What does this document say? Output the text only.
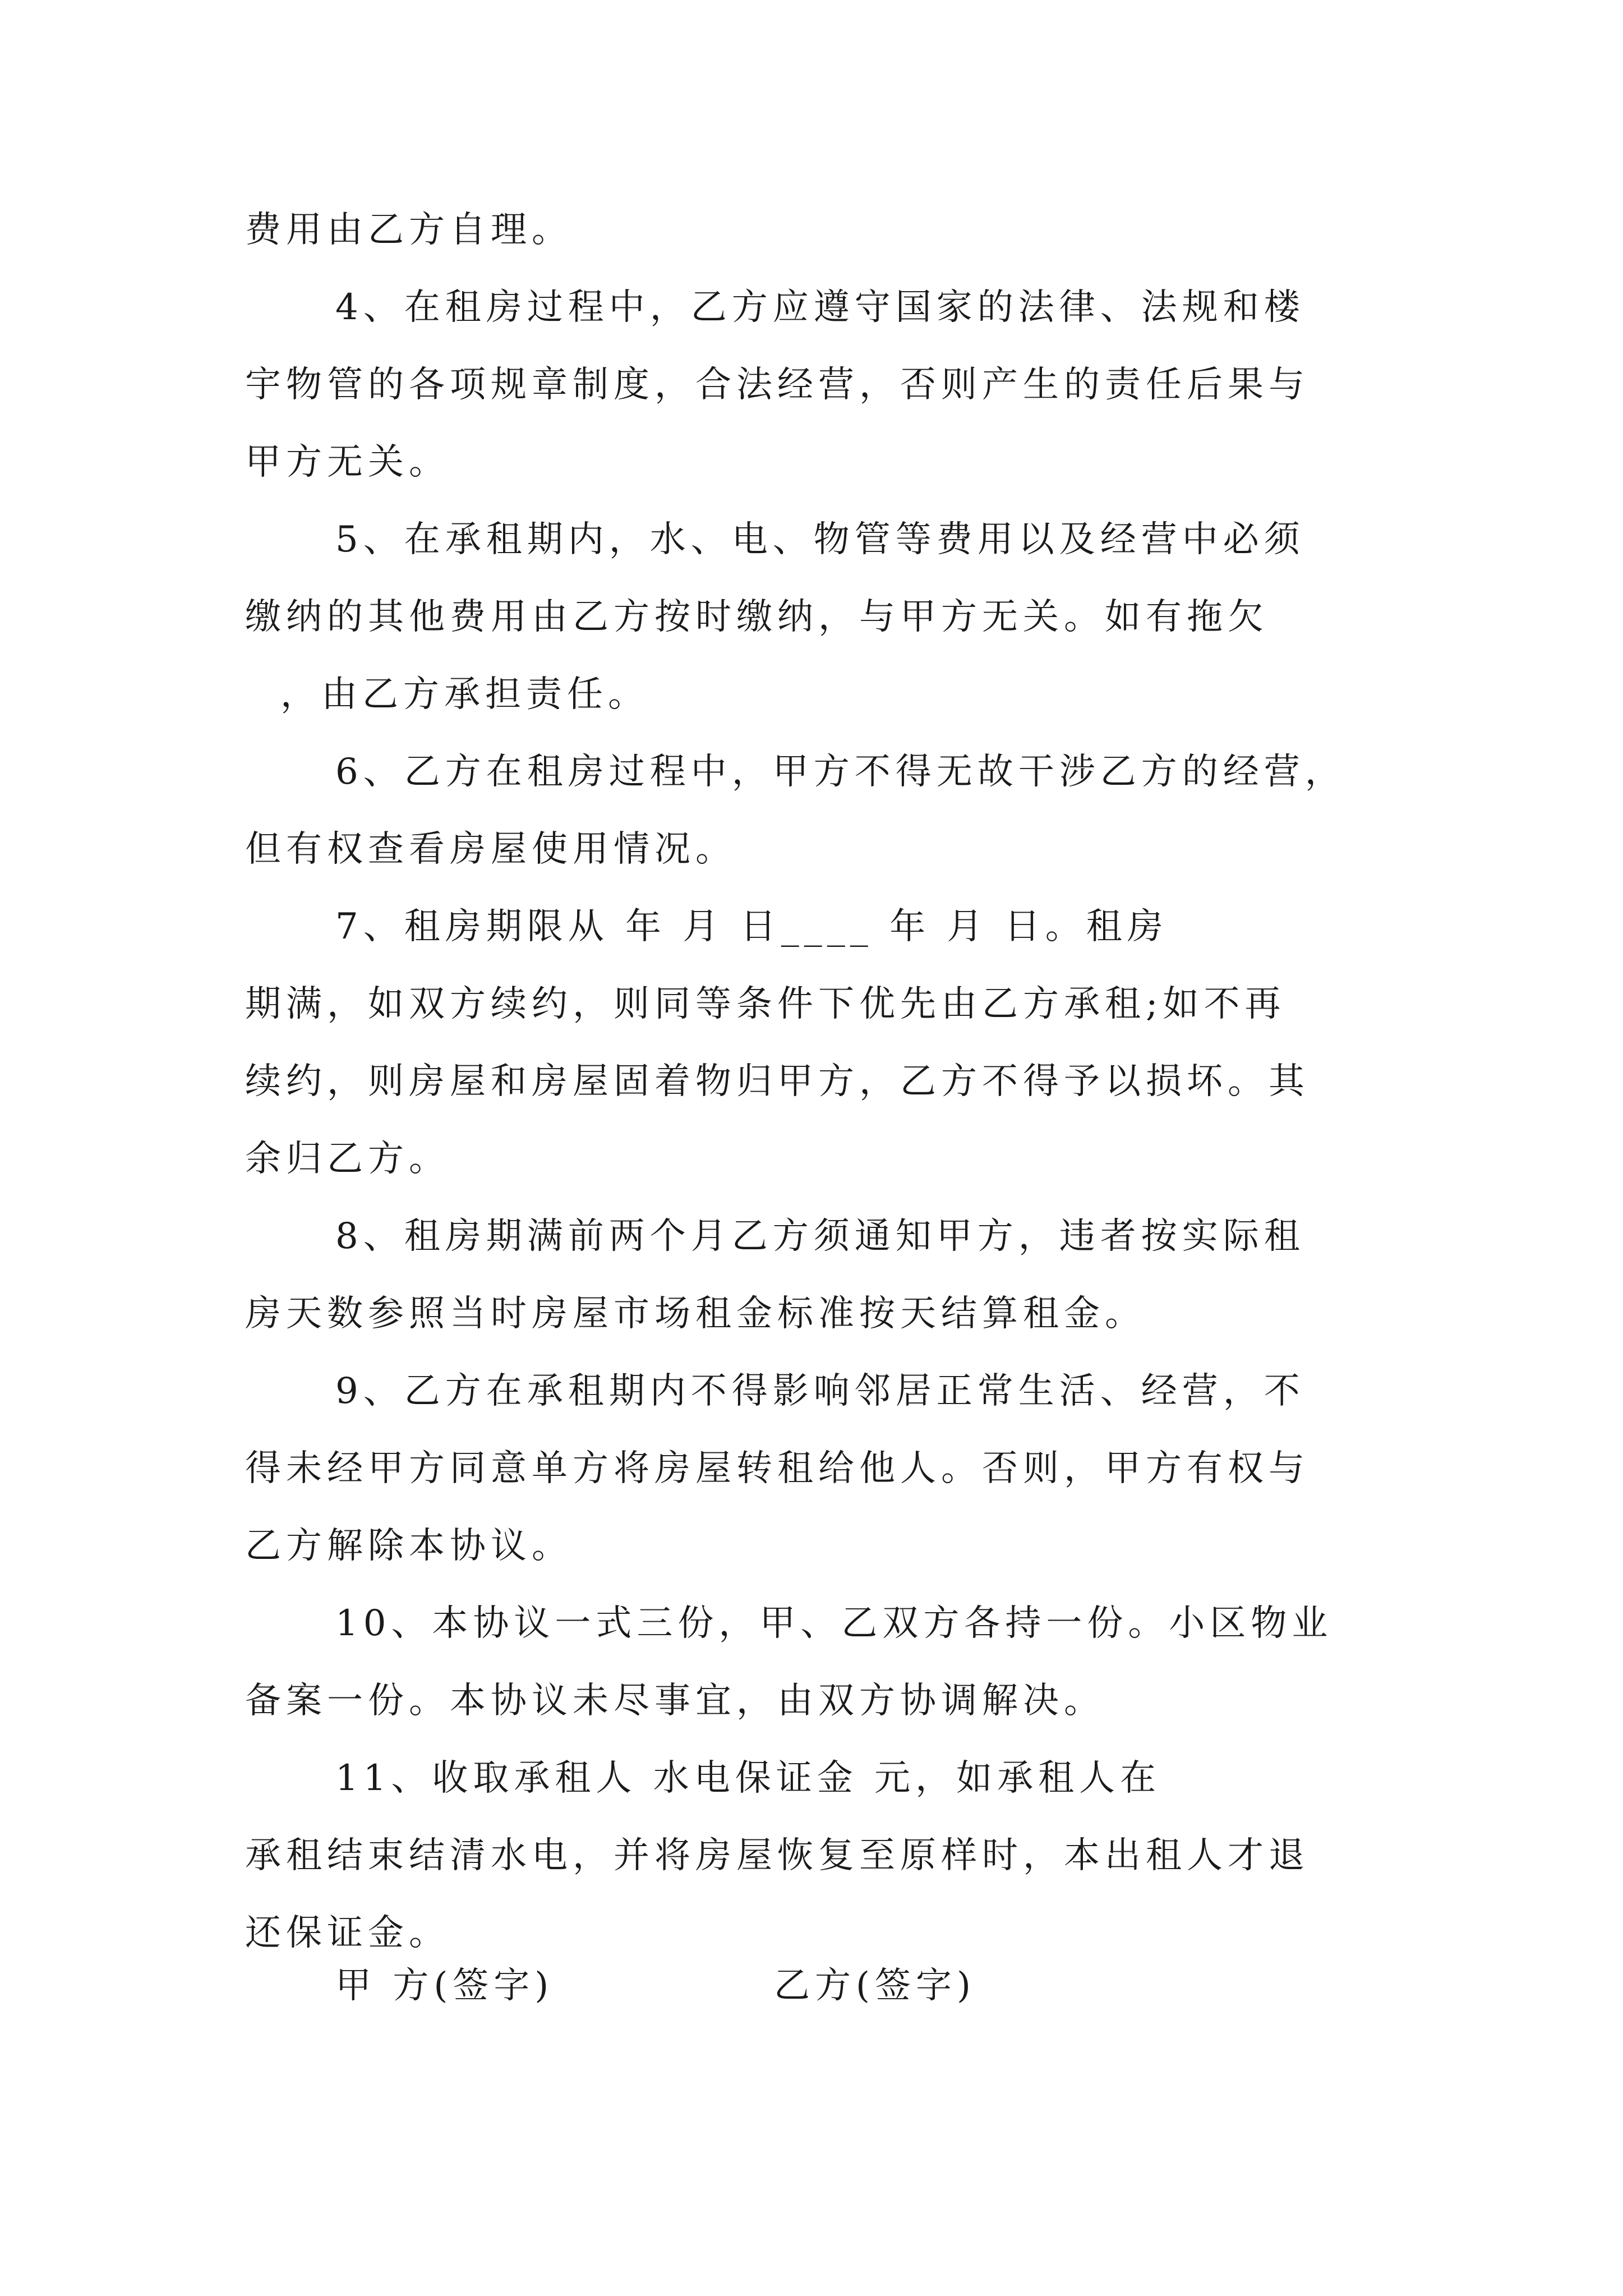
费用由乙方自理。
4、在租房过程中，乙方应遵守国家的法律、法规和楼
宇物管的各项规章制度，合法经营，否则产生的责任后果与
甲方无关。
5、在承租期内，水、电、物管等费用以及经营中必须
缴纳的其他费用由乙方按时缴纳，与甲方无关。如有拖欠
，由乙方承担责任。
6、乙方在租房过程中，甲方不得无故干涉乙方的经营，
但有权查看房屋使用情况。
7、租房期限从 年 月 日____ 年 月 日。租房
期满，如双方续约，则同等条件下优先由乙方承租;如不再
续约，则房屋和房屋固着物归甲方，乙方不得予以损坏。其
余归乙方。
8、租房期满前两个月乙方须通知甲方，违者按实际租
房天数参照当时房屋市场租金标准按天结算租金。
9、乙方在承租期内不得影响邻居正常生活、经营，不
得未经甲方同意单方将房屋转租给他人。否则，甲方有权与
乙方解除本协议。
10、本协议一式三份，甲、乙双方各持一份。小区物业
备案一份。本协议未尽事宜，由双方协调解决。
11、收取承租人 水电保证金 元，如承租人在
承租结束结清水电，并将房屋恢复至原样时，本出租人才退
还保证金。
甲 方(签字)	乙方(签字)
